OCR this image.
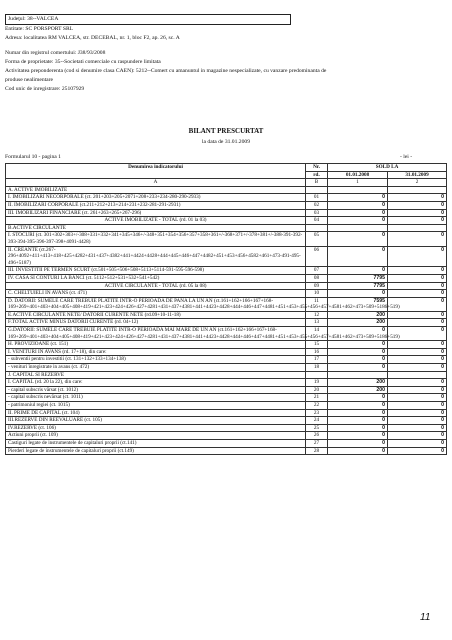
Judeţul: 38--VALCEA
Entitate: SC PORSPORT SRL
Adresa: localitatea RM VALCEA, str. DECEBAL, nr. 1, bloc F2, ap. 26, sc. A
Numar din registrul comertului: J38/93/2008
Forma de proprietate: 35--Societati comerciale cu raspundere limitata
Activitatea preponderenta (cod si denumire clasa CAEN): 5212--Comert cu amanuntul in magazine nespecializate, cu vanzare predominanta de
produse nealimentare
Cod unic de inregistrare: 25107929
BILANT PRESCURTAT
la data de 31.01.2009
Formularul 10 - pagina 1	- lei -
Denumirea indicatorului	Nr.	SOLD LA	
	rd.	01.01.2008	31.01.2009
A	B	1	2
A. ACTIVE IMOBILIZATE			
I. IMOBILIZARI NECORPORALE (ct. 201+203+205+2071+208+233+234-280-290-2933)	01	0	0
II. IMOBILIZARI CORPORALE (ct.211+212+213+214+231+232-281-291-2931)	02	0	0
III. IMOBILIZARI FINANCIARE (ct. 261+263+265+267-296)	03	0	0
ACTIVE IMOBILIZATE - TOTAL (rd. 01 la 03)	04	0	0
B.ACTIVE CIRCULANTE			
I. STOCURI (ct. 301+302+303+/-308+331+332+341+345+346+/-348+351+354+356+357+358+361+/-368+371+/-378+381+/-388-391-392-393-394-395-396-397-398+4091-4428)	05	0	0
II. CREANTE (ct.267-296+4092+411+413+418+425+4282+431+437+4382+441+4424+4428+444+445+446+447+4482+451+453+456+4582+461+473-491-495-496+5187)	06	0	0
III. INVESTITII PE TERMEN SCURT (ct.501+505+506+508+5113+5114-591-595-596-598)	07	0	0
IV. CASA SI CONTURI LA BANCI (ct. 5112+512+531+532+541+542)	08	7795	0
ACTIVE CIRCULANTE - TOTAL (rd. 05 la 08)	09	7795	0
C. CHELTUIELI IN AVANS (ct. 471)	10	0	0
D. DATORII: SUMELE CARE TREBUIE PLATITE INTR-O PERIOADA DE PANA LA UN AN (ct.161+162+166+167+168-169+269+401+403+404+405+408+419+421+423+424+426+427+4281+431+437+4381+441+4423+4428+444+446+447+4481+451+453+455+456+457+4581+462+473+509+5186+519)	11	7595	0
E.ACTIVE CIRCULANTE NETE/ DATORII CURENTE NETE (rd.09+10-11-18)	12	200	0
F.TOTAL ACTIVE MINUS DATORII CURENTE (rd. 04+12)	13	200	0
G.DATORII: SUMELE CARE TREBUIE PLATITE INTR-O PERIOADA MAI MARE DE UN AN (ct.161+162+166+167+168-169+269+401+403+404+405+408+419+421+423+424+426+427+4281+431+437+4381+441+4423+4428+444+446+447+4481+451+453+455+456+457+4581+462+473+509+5186+519)	14	0	0
H. PROVIZIOANE (ct. 151)	15	0	0
I. VENITURI IN AVANS (rd. 17+18), din care:	16	0	0
- subventii pentru investitii (ct. 131+132+133+134+138)	17	0	0
- venituri înregistrate in avans (ct. 472)	18	0	0
J. CAPITAL SI REZERVE			
I. CAPITAL (rd. 20 la 22), din care:	19	200	0
- capital subscris vărsat (ct. 1012)	20	200	0
- capital subscris nevărsat (ct. 1011)	21	0	0
- patrimoniul regiei (ct. 1015)	22	0	0
II. PRIME DE CAPITAL (ct. 104)	23	0	0
III.REZERVE DIN REEVALUARE (ct. 105)	24	0	0
IV.REZERVE (ct. 106)	25	0	0
Actiuni proprii (ct. 109)	26	0	0
Castiguri legate de instrumentele de capitaluri proprii (ct.141)	27	0	0
Pierderi legate de instrumentele de capitaluri proprii (ct.149)	28	0	0
11
